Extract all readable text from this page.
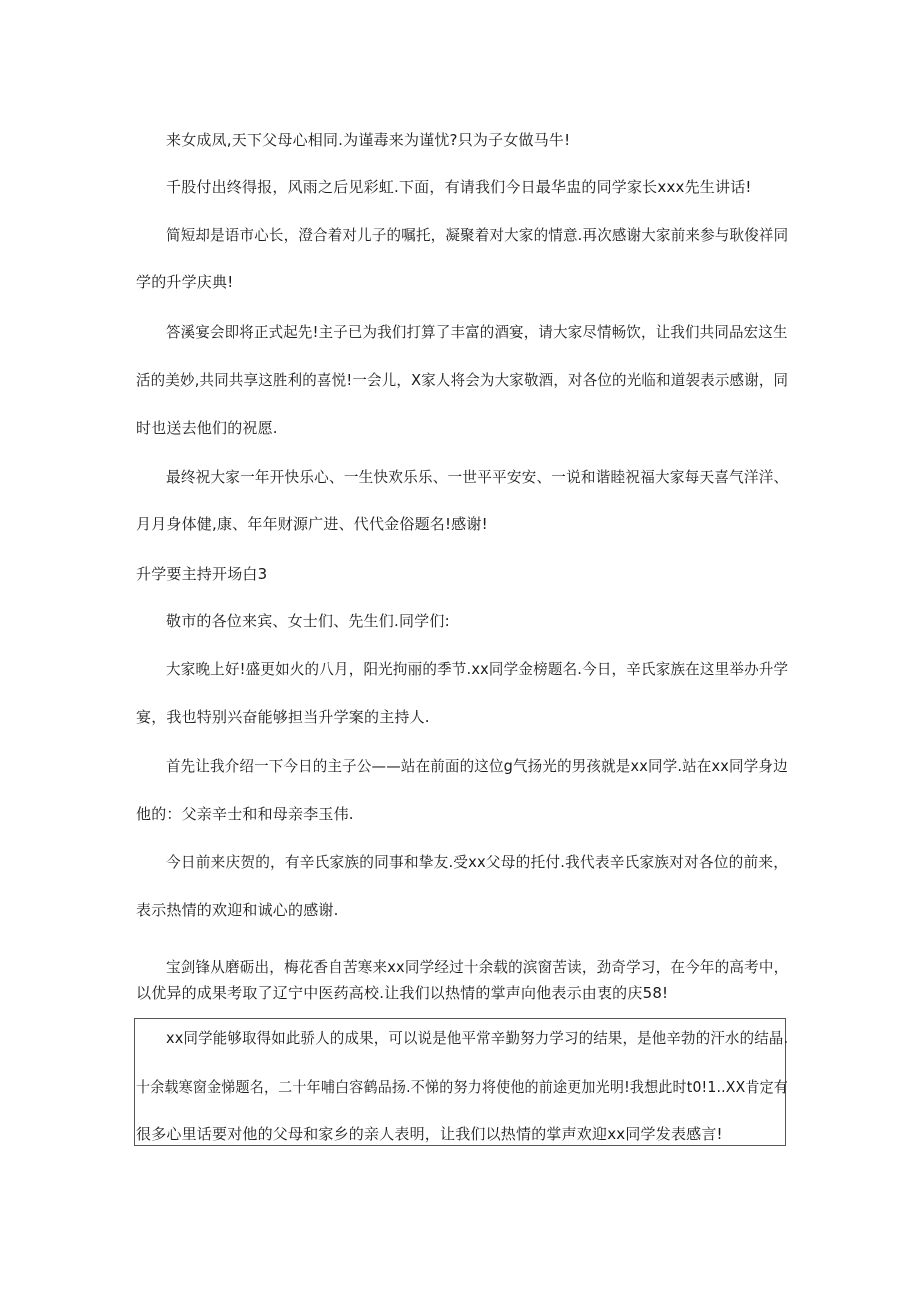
来女成凤,天下父母心相同.为谨毒来为谨忧?只为子女做马牛!
千股付出终得报，风雨之后见彩虹.下面，有请我们今日最华盅的同学家长xxx先生讲话!
简短却是语市心长，澄合着对儿子的嘱托，凝聚着对大家的情意.再次感谢大家前来参与耿俊祥同
学的升学庆典!
答溪宴会即将正式起先!主子已为我们打算了丰富的酒宴，请大家尽情畅饮，让我们共同品宏这生
活的美妙,共同共享这胜利的喜悦!一会儿，X家人将会为大家敬酒，对各位的光临和道袈表示感谢，同
时也送去他们的祝愿.
最终祝大家一年开快乐心、一生快欢乐乐、一世平平安安、一说和谐睦祝福大家每天喜气洋洋、
月月身体健,康、年年财源广进、代代金俗题名!感谢!
升学要主持开场白3
敬市的各位来宾、女士们、先生们.同学们:
大家晚上好!盛更如火的八月，阳光拘丽的季节.xx同学金榜题名.今日，辛氏家族在这里举办升学
宴，我也特别兴奋能够担当升学案的主持人.
首先让我介绍一下今日的主子公——站在前面的这位g气扬光的男孩就是xx同学.站在xx同学身边
他的：父亲辛士和和母亲李玉伟.
今日前来庆贺的，有辛氏家族的同事和挚友.受xx父母的托付.我代表辛氏家族对对各位的前来，
表示热情的欢迎和诚心的感谢.
宝剑锋从磨砺出，梅花香自苦寒来xx同学经过十余载的滨窗苦读，劲奇学习，在今年的高考中，
以优异的成果考取了辽宁中医药高校.让我们以热情的掌声向他表示由衷的庆58!
xx同学能够取得如此骄人的成果，可以说是他平常辛勤努力学习的结果，是他辛勃的汗水的结晶.
十余载寒窗金悌题名，二十年哺白容鹤品扬.不悌的努力将使他的前途更加光明!我想此时t0!1..XX肯定有
很多心里话要对他的父母和家乡的亲人表明，让我们以热情的掌声欢迎xx同学发表感言!
